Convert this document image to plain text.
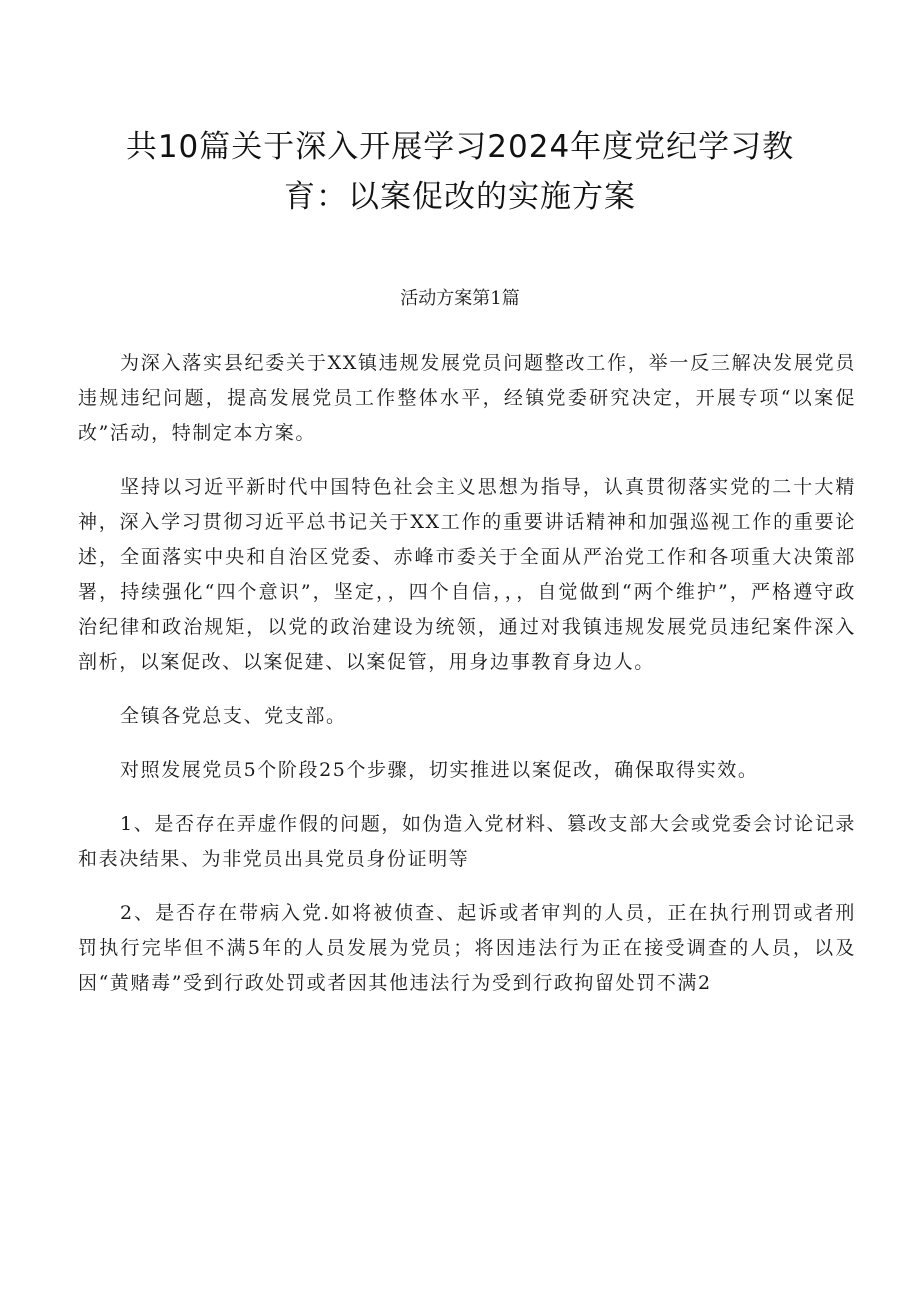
共10篇关于深入开展学习2024年度党纪学习教
育：以案促改的实施方案
活动方案第1篇

为深入落实县纪委关于XX镇违规发展党员问题整改工作，举一反三解决发展党员违规违纪问题，提高发展党员工作整体水平，经镇党委研究决定，开展专项“以案促改”活动，特制定本方案。

坚持以习近平新时代中国特色社会主义思想为指导，认真贯彻落实党的二十大精神，深入学习贯彻习近平总书记关于XX工作的重要讲话精神和加强巡视工作的重要论述，全面落实中央和自治区党委、赤峰市委关于全面从严治党工作和各项重大决策部署，持续强化“四个意识”，坚定，，四个自信，，，自觉做到“两个维护”，严格遵守政治纪律和政治规矩，以党的政治建设为统领，通过对我镇违规发展党员违纪案件深入剖析，以案促改、以案促建、以案促管，用身边事教育身边人。

全镇各党总支、党支部。

对照发展党员5个阶段25个步骤，切实推进以案促改，确保取得实效。

1、是否存在弄虚作假的问题，如伪造入党材料、篡改支部大会或党委会讨论记录和表决结果、为非党员出具党员身份证明等

2、是否存在带病入党.如将被侦查、起诉或者审判的人员，正在执行刑罚或者刑罚执行完毕但不满5年的人员发展为党员；将因违法行为正在接受调查的人员，以及因“黄赌毒”受到行政处罚或者因其他违法行为受到行政拘留处罚不满2
